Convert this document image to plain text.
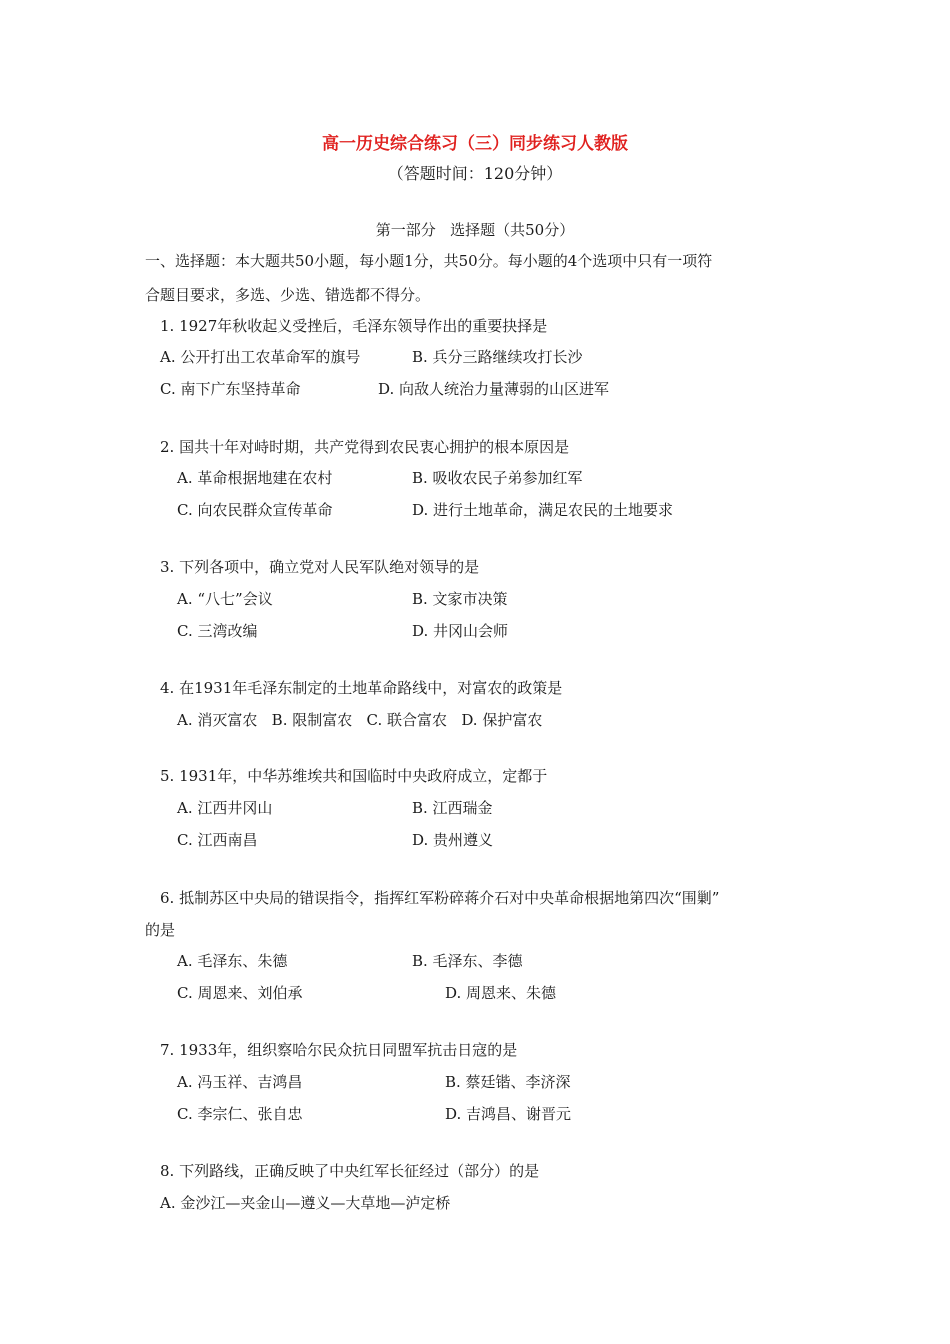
高一历史综合练习（三）同步练习人教版
（答题时间：120分钟）
第一部分   选择题（共50分）
一、选择题：本大题共50小题，每小题1分，共50分。每小题的4个选项中只有一项符
合题目要求，多选、少选、错选都不得分。
1. 1927年秋收起义受挫后，毛泽东领导作出的重要抉择是
A. 公开打出工农革命军的旗号	B. 兵分三路继续攻打长沙
C. 南下广东坚持革命	D. 向敌人统治力量薄弱的山区进军
2. 国共十年对峙时期，共产党得到农民衷心拥护的根本原因是
A. 革命根据地建在农村	B. 吸收农民子弟参加红军
C. 向农民群众宣传革命	D. 进行土地革命，满足农民的土地要求
3. 下列各项中，确立党对人民军队绝对领导的是
A. “八七”会议	B. 文家市决策
C. 三湾改编	D. 井冈山会师
4. 在1931年毛泽东制定的土地革命路线中，对富农的政策是
A. 消灭富农   B. 限制富农   C. 联合富农   D. 保护富农
5. 1931年，中华苏维埃共和国临时中央政府成立，定都于
A. 江西井冈山	B. 江西瑞金
C. 江西南昌	D. 贵州遵义
6. 抵制苏区中央局的错误指令，指挥红军粉碎蒋介石对中央革命根据地第四次“围剿”
的是
A. 毛泽东、朱德	B. 毛泽东、李德
C. 周恩来、刘伯承	D. 周恩来、朱德
7. 1933年，组织察哈尔民众抗日同盟军抗击日寇的是
A. 冯玉祥、吉鸿昌	B. 蔡廷锴、李济深
C. 李宗仁、张自忠	D. 吉鸿昌、谢晋元
8. 下列路线，正确反映了中央红军长征经过（部分）的是
A. 金沙江—夹金山—遵义—大草地—泸定桥
